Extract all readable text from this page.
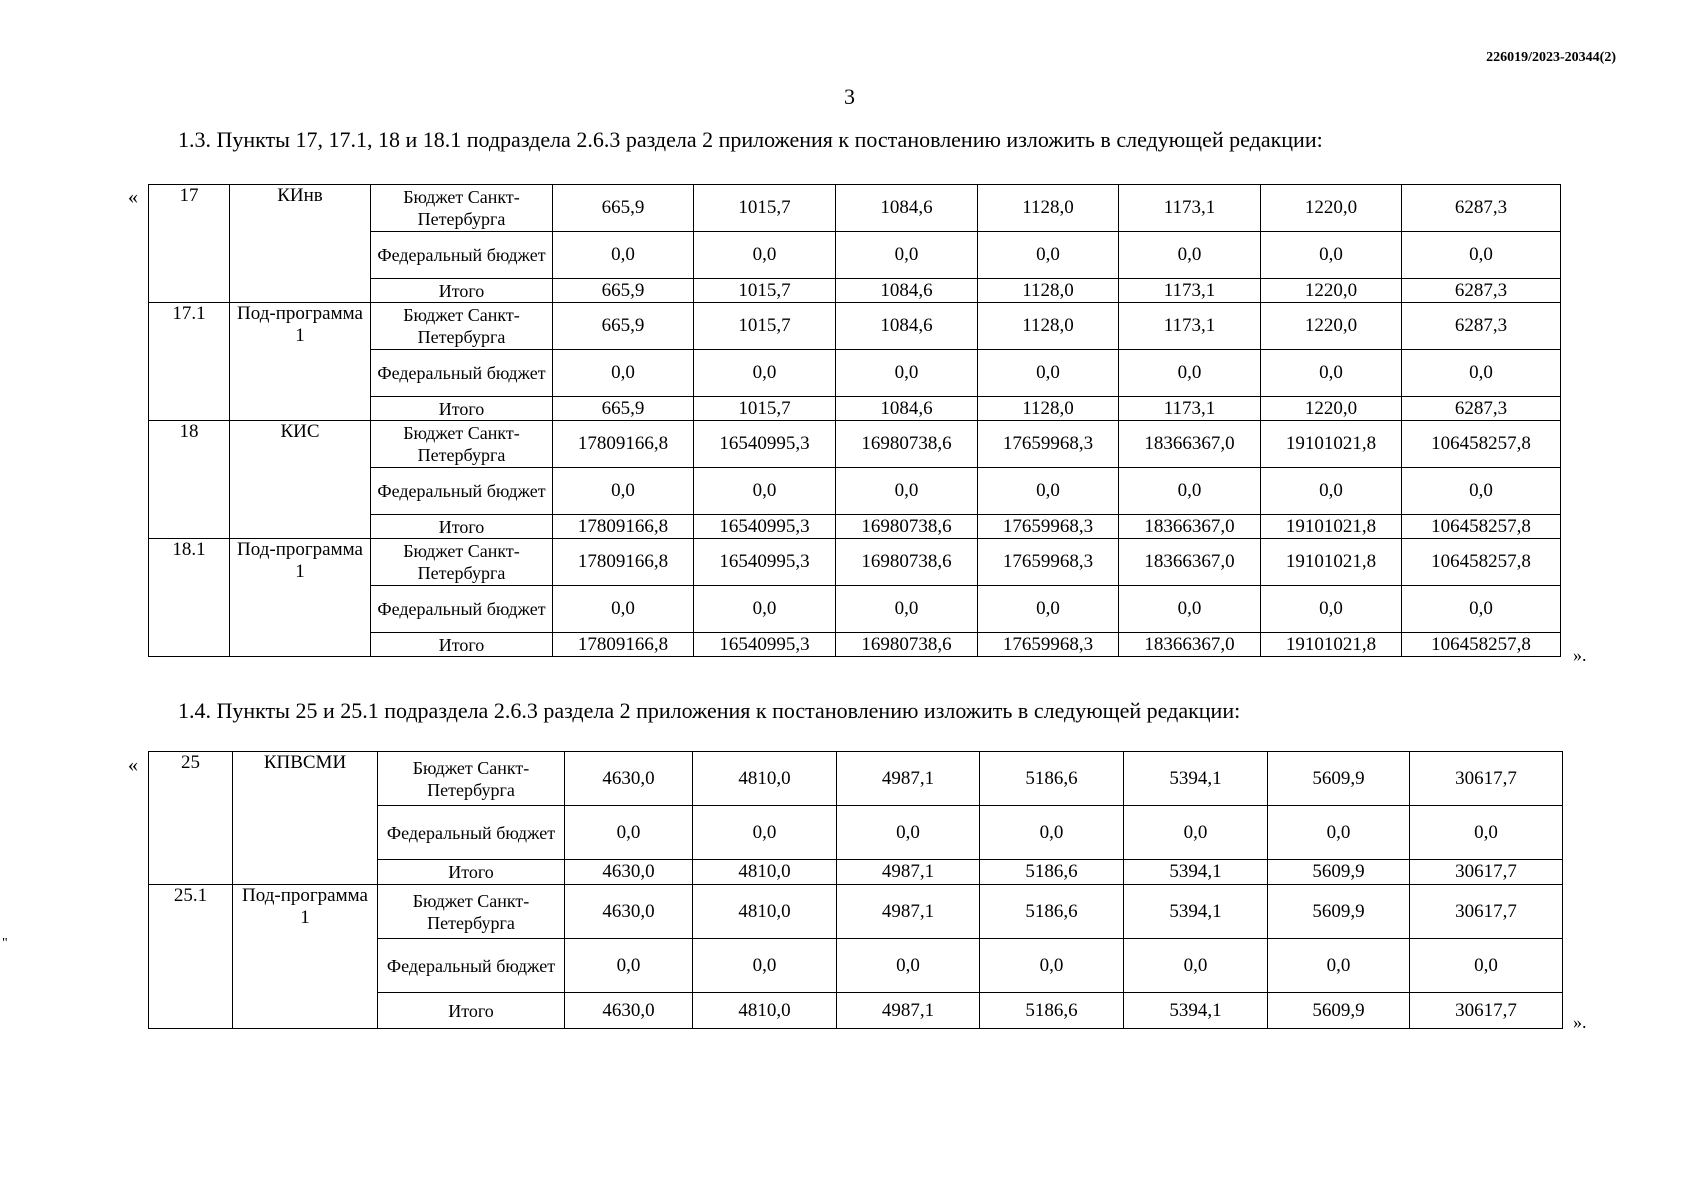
226019/2023-20344(2)
3
1.3. Пункты 17, 17.1, 18 и 18.1 подраздела 2.6.3 раздела 2 приложения к постановлению изложить в следующей редакции:
« 17	КИнв	Бюджет Санкт-Петербурга	665,9	1015,7	1084,6	1128,0	1173,1	1220,0	6287,3
		Федеральный бюджет	0,0	0,0	0,0	0,0	0,0	0,0	0,0
		Итого	665,9	1015,7	1084,6	1128,0	1173,1	1220,0	6287,3
17.1	Под-программа 1	Бюджет Санкт-Петербурга	665,9	1015,7	1084,6	1128,0	1173,1	1220,0	6287,3
		Федеральный бюджет	0,0	0,0	0,0	0,0	0,0	0,0	0,0
		Итого	665,9	1015,7	1084,6	1128,0	1173,1	1220,0	6287,3
18	КИС	Бюджет Санкт-Петербурга	17809166,8	16540995,3	16980738,6	17659968,3	18366367,0	19101021,8	106458257,8
		Федеральный бюджет	0,0	0,0	0,0	0,0	0,0	0,0	0,0
		Итого	17809166,8	16540995,3	16980738,6	17659968,3	18366367,0	19101021,8	106458257,8
18.1	Под-программа 1	Бюджет Санкт-Петербурга	17809166,8	16540995,3	16980738,6	17659968,3	18366367,0	19101021,8	106458257,8
		Федеральный бюджет	0,0	0,0	0,0	0,0	0,0	0,0	0,0
		Итого	17809166,8	16540995,3	16980738,6	17659968,3	18366367,0	19101021,8	106458257,8
».
1.4. Пункты 25 и 25.1 подраздела 2.6.3 раздела 2 приложения к постановлению изложить в следующей редакции:
« 25	КПВСМИ	Бюджет Санкт-Петербурга	4630,0	4810,0	4987,1	5186,6	5394,1	5609,9	30617,7
		Федеральный бюджет	0,0	0,0	0,0	0,0	0,0	0,0	0,0
		Итого	4630,0	4810,0	4987,1	5186,6	5394,1	5609,9	30617,7
25.1	Под-программа 1	Бюджет Санкт-Петербурга	4630,0	4810,0	4987,1	5186,6	5394,1	5609,9	30617,7
		Федеральный бюджет	0,0	0,0	0,0	0,0	0,0	0,0	0,0
		Итого	4630,0	4810,0	4987,1	5186,6	5394,1	5609,9	30617,7
».
"
